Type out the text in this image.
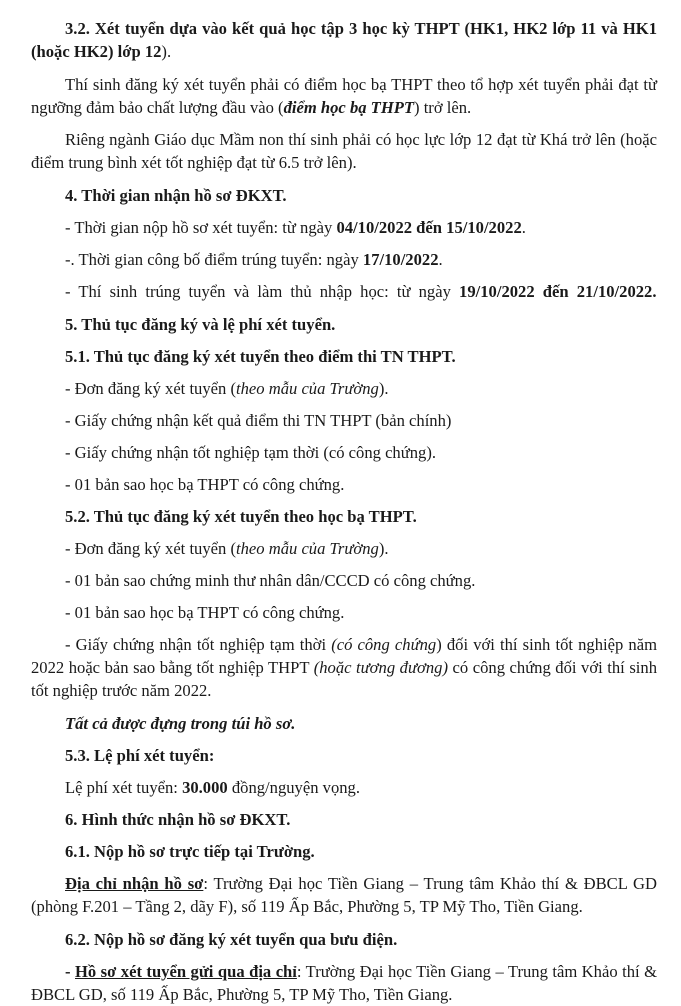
3.2. Xét tuyển dựa vào kết quả học tập 3 học kỳ THPT (HK1, HK2 lớp 11 và HK1 (hoặc HK2) lớp 12).

Thí sinh đăng ký xét tuyển phải có điểm học bạ THPT theo tổ hợp xét tuyển phải đạt từ ngưỡng đảm bảo chất lượng đầu vào (điểm học bạ THPT) trở lên.

Riêng ngành Giáo dục Mầm non thí sinh phải có học lực lớp 12 đạt từ Khá trở lên (hoặc điểm trung bình xét tốt nghiệp đạt từ 6.5 trở lên).

4. Thời gian nhận hồ sơ ĐKXT.

- Thời gian nộp hồ sơ xét tuyển: từ ngày 04/10/2022 đến 15/10/2022.

-. Thời gian công bố điểm trúng tuyển: ngày 17/10/2022.

- Thí sinh trúng tuyển và làm thủ nhập học: từ ngày 19/10/2022 đến 21/10/2022.

5. Thủ tục đăng ký và lệ phí xét tuyển.

5.1. Thủ tục đăng ký xét tuyển theo điểm thi TN THPT.

- Đơn đăng ký xét tuyển (theo mẫu của Trường).

- Giấy chứng nhận kết quả điểm thi TN THPT (bản chính)

- Giấy chứng nhận tốt nghiệp tạm thời (có công chứng).

- 01 bản sao học bạ THPT có công chứng.

5.2. Thủ tục đăng ký xét tuyển theo học bạ THPT.

- Đơn đăng ký xét tuyển (theo mẫu của Trường).

- 01 bản sao chứng minh thư nhân dân/CCCD có công chứng.

- 01 bản sao học bạ THPT có công chứng.

- Giấy chứng nhận tốt nghiệp tạm thời (có công chứng) đối với thí sinh tốt nghiệp năm 2022 hoặc bản sao bằng tốt nghiệp THPT (hoặc tương đương) có công chứng đối với thí sinh tốt nghiệp trước năm 2022.

Tất cả được đựng trong túi hồ sơ.

5.3. Lệ phí xét tuyển:

Lệ phí xét tuyển: 30.000 đồng/nguyện vọng.

6. Hình thức nhận hồ sơ ĐKXT.

6.1. Nộp hồ sơ trực tiếp tại Trường.

Địa chỉ nhận hồ sơ: Trường Đại học Tiền Giang – Trung tâm Khảo thí & ĐBCL GD (phòng F.201 – Tầng 2, dãy F), số 119 Ấp Bắc, Phường 5, TP Mỹ Tho, Tiền Giang.

6.2. Nộp hồ sơ đăng ký xét tuyển qua bưu điện.

- Hồ sơ xét tuyển gửi qua địa chỉ: Trường Đại học Tiền Giang – Trung tâm Khảo thí & ĐBCL GD, số 119 Ấp Bắc, Phường 5, TP Mỹ Tho, Tiền Giang.
